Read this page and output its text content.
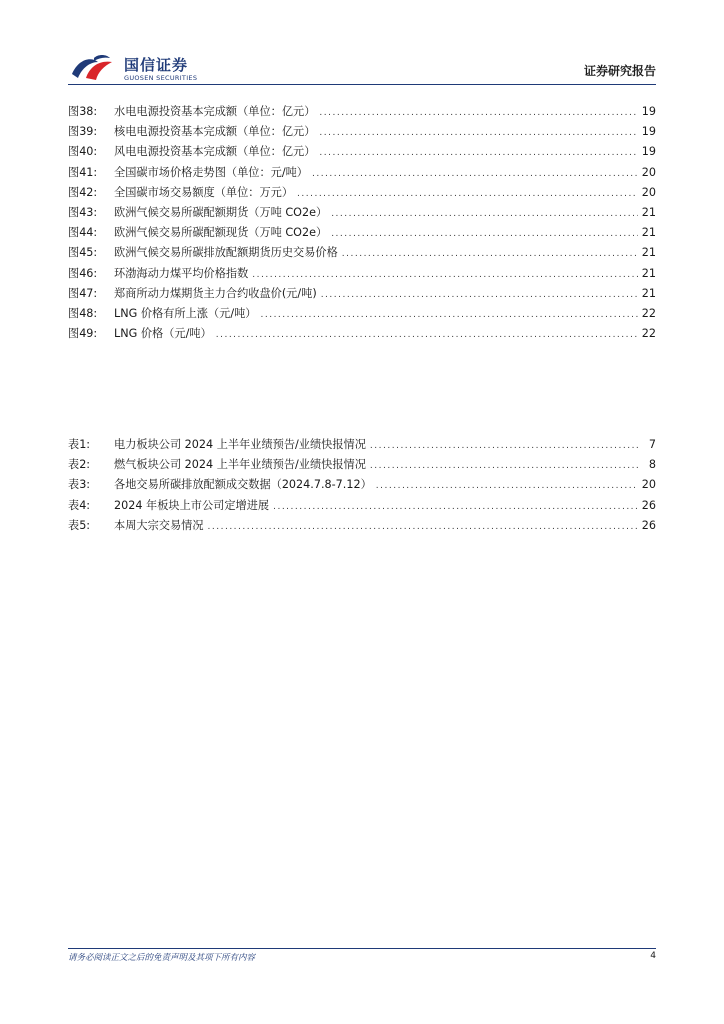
国信证券
GUOSEN SECURITIES	证券研究报告
图38:	水电电源投资基本完成额（单位：亿元） .....	19
图39:	核电电源投资基本完成额（单位：亿元） .....	19
图40:	风电电源投资基本完成额（单位：亿元） .....	19
图41:	全国碳市场价格走势图（单位：元/吨） .....	20
图42:	全国碳市场交易额度（单位：万元） .....	20
图43:	欧洲气候交易所碳配额期货（万吨 CO2e） .....	21
图44:	欧洲气候交易所碳配额现货（万吨 CO2e） .....	21
图45:	欧洲气候交易所碳排放配额期货历史交易价格 .....	21
图46:	环渤海动力煤平均价格指数 .....	21
图47:	郑商所动力煤期货主力合约收盘价(元/吨) .....	21
图48:	LNG 价格有所上涨（元/吨） .....	22
图49:	LNG 价格（元/吨） .....	22
表1:	电力板块公司 2024 上半年业绩预告/业绩快报情况 .....	7
表2:	燃气板块公司 2024 上半年业绩预告/业绩快报情况 .....	8
表3:	各地交易所碳排放配额成交数据（2024.7.8-7.12） .....	20
表4:	2024 年板块上市公司定增进展 .....	26
表5:	本周大宗交易情况 .....	26
请务必阅读正文之后的免责声明及其项下所有内容	4
